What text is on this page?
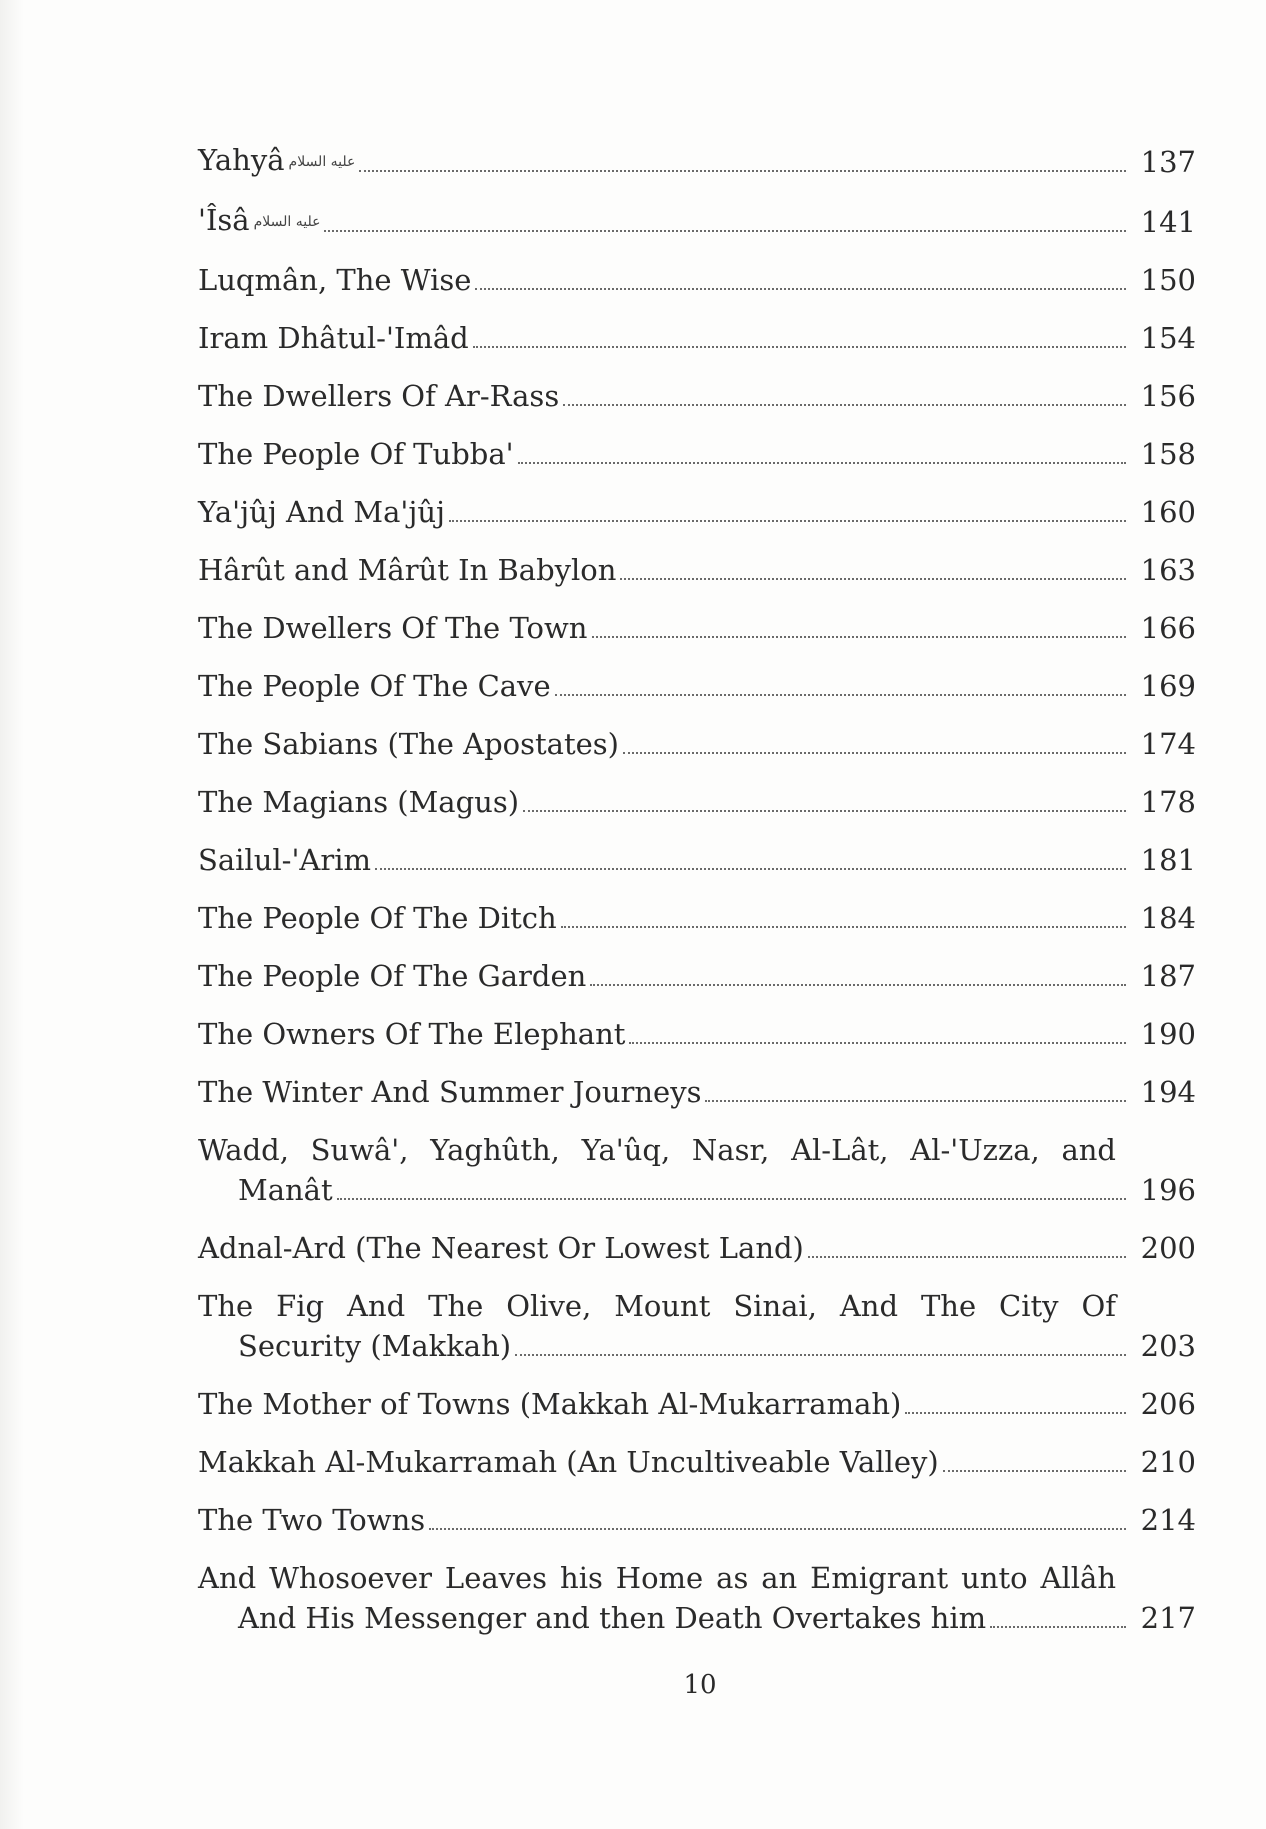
Yahyâ عليه السلام	137
'Îsâ عليه السلام	141
Luqmân, The Wise	150
Iram Dhâtul-'Imâd	154
The Dwellers Of Ar-Rass	156
The People Of Tubba'	158
Ya'jûj And Ma'jûj	160
Hârût and Mârût In Babylon	163
The Dwellers Of The Town	166
The People Of The Cave	169
The Sabians (The Apostates)	174
The Magians (Magus)	178
Sailul-'Arim	181
The People Of The Ditch	184
The People Of The Garden	187
The Owners Of The Elephant	190
The Winter And Summer Journeys	194
Wadd, Suwâ', Yaghûth, Ya'ûq, Nasr, Al-Lât, Al-'Uzza, and
Manât	196
Adnal-Ard (The Nearest Or Lowest Land)	200
The Fig And The Olive, Mount Sinai, And The City Of
Security (Makkah)	203
The Mother of Towns (Makkah Al-Mukarramah)	206
Makkah Al-Mukarramah (An Uncultiveable Valley)	210
The Two Towns	214
And Whosoever Leaves his Home as an Emigrant unto Allâh
And His Messenger and then Death Overtakes him	217
10
